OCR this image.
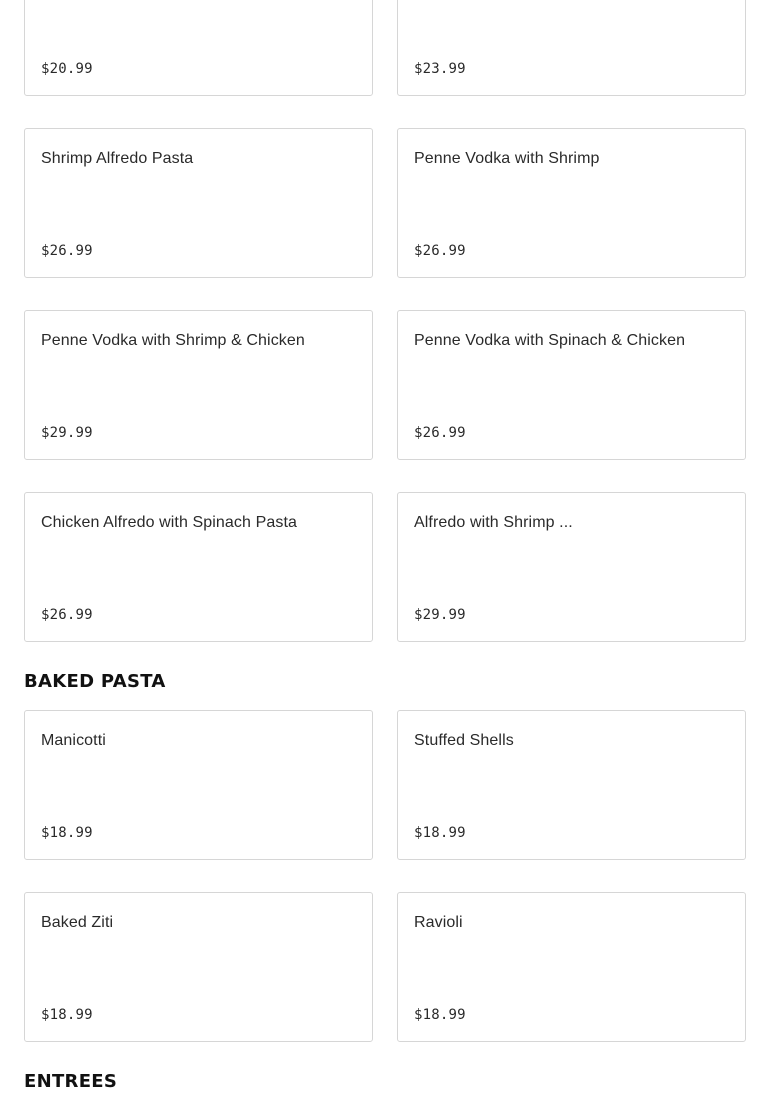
$20.99	$23.99
Shrimp Alfredo Pasta
$26.99
Penne Vodka with Shrimp
$26.99
Penne Vodka with Shrimp & Chicken
$29.99
Penne Vodka with Spinach & Chicken
$26.99
Chicken Alfredo with Spinach Pasta
$26.99
Alfredo with Shrimp ...
$29.99
BAKED PASTA
Manicotti
$18.99
Stuffed Shells
$18.99
Baked Ziti
$18.99
Ravioli
$18.99
ENTREES
